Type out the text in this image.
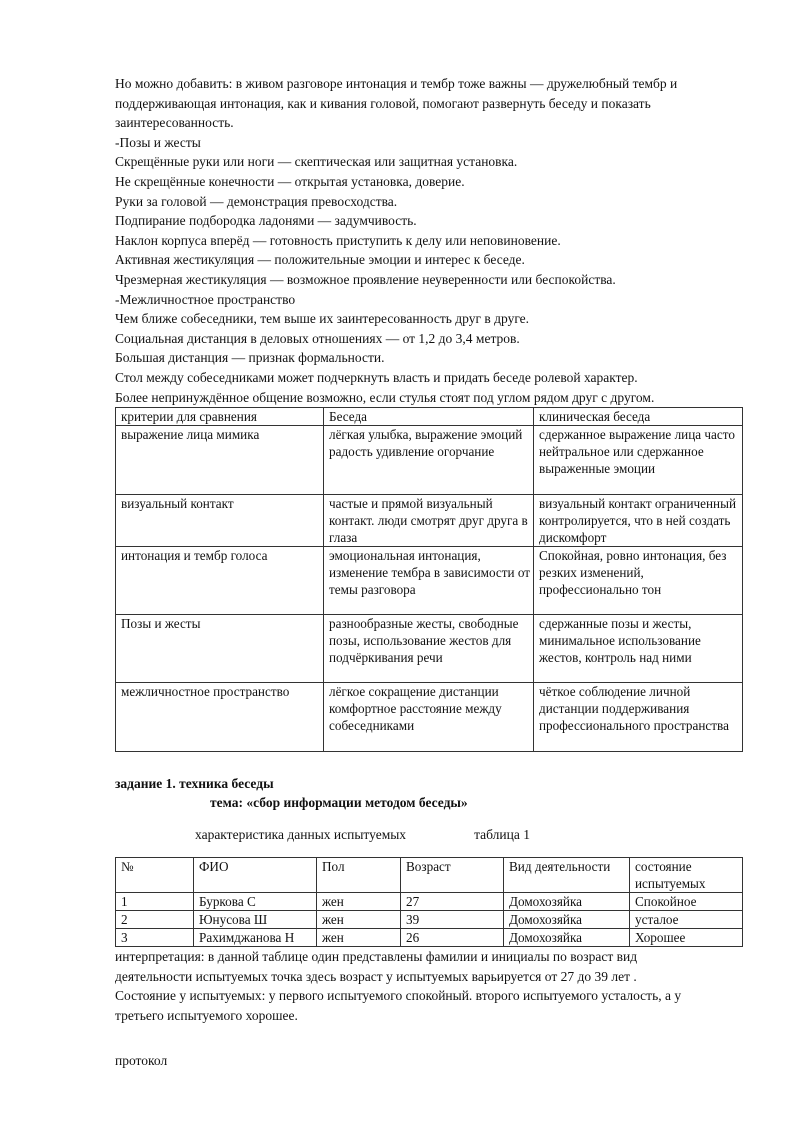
Но можно добавить: в живом разговоре интонация и тембр тоже важны — дружелюбный тембр и

поддерживающая интонация, как и кивания головой, помогают развернуть беседу и показать

заинтересованность.

-Позы и жесты

Скрещённые руки или ноги — скептическая или защитная установка.

Не скрещённые конечности — открытая установка, доверие.

Руки за головой — демонстрация превосходства.

Подпирание подбородка ладонями — задумчивость.

Наклон корпуса вперёд — готовность приступить к делу или неповиновение.

Активная жестикуляция — положительные эмоции и интерес к беседе.

Чрезмерная жестикуляция — возможное проявление неуверенности или беспокойства.

-Межличностное пространство

Чем ближе собеседники, тем выше их заинтересованность друг в друге.

Социальная дистанция в деловых отношениях — от 1,2 до 3,4 метров.

Большая дистанция — признак формальности.

Стол между собеседниками может подчеркнуть власть и придать беседе ролевой характер.

Более непринуждённое общение возможно, если стулья стоят под углом рядом друг с другом.

критерии для сравнения	Беседа	клиническая беседа
выражение лица мимика	лёгкая улыбка, выражение эмоций радость удивление огорчание	сдержанное выражение лица часто нейтральное или сдержанное выраженные эмоции
визуальный контакт	частые и прямой визуальный контакт. люди смотрят друг друга в глаза	визуальный контакт ограниченный контролируется, что в ней создать дискомфорт
интонация и тембр голоса	эмоциональная интонация, изменение тембра в зависимости от темы разговора	Спокойная, ровно интонация, без резких изменений, профессионально тон
Позы и жесты	разнообразные жесты, свободные позы, использование жестов для подчёркивания речи	сдержанные позы и жесты, минимальное использование жестов, контроль над ними
межличностное пространство	лёгкое сокращение дистанции комфортное расстояние между собеседниками	чёткое соблюдение личной дистанции поддерживания профессионального пространства

задание 1. техника беседы

тема: «сбор информации методом беседы»

характеристика данных испытуемых	таблица 1

№	ФИО	Пол	Возраст	Вид деятельности	состояние испытуемых
1	Буркова С	жен	27	Домохозяйка	Спокойное
2	Юнусова Ш	жен	39	Домохозяйка	усталое
3	Рахимджанова Н	жен	26	Домохозяйка	Хорошее

интерпретация: в данной таблице один представлены фамилии и инициалы по возраст вид

деятельности испытуемых точка здесь возраст у испытуемых варьируется от 27 до 39 лет .

Состояние у испытуемых: у первого испытуемого спокойный. второго испытуемого усталость, а у

третьего испытуемого хорошее.

протокол
